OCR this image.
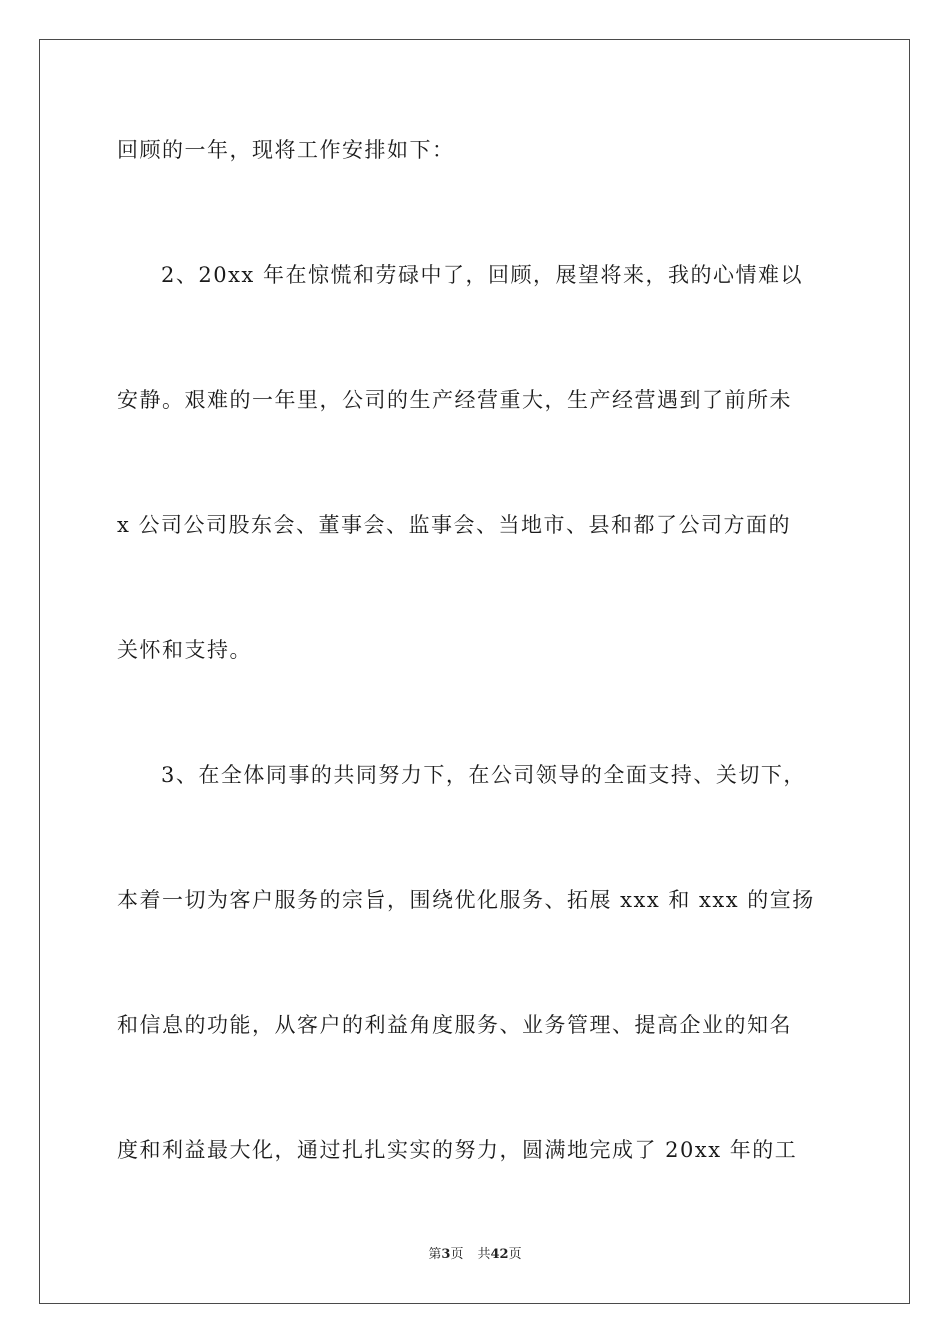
回顾的一年，现将工作安排如下：
2、20xx 年在惊慌和劳碌中了，回顾，展望将来，我的心情难以
安静。艰难的一年里，公司的生产经营重大，生产经营遇到了前所未
x 公司公司股东会、董事会、监事会、当地市、县和都了公司方面的
关怀和支持。
3、在全体同事的共同努力下，在公司领导的全面支持、关切下，
本着一切为客户服务的宗旨，围绕优化服务、拓展 xxx 和 xxx 的宣扬
和信息的功能，从客户的利益角度服务、业务管理、提高企业的知名
度和利益最大化，通过扎扎实实的努力，圆满地完成了 20xx 年的工
第3页 共42页
